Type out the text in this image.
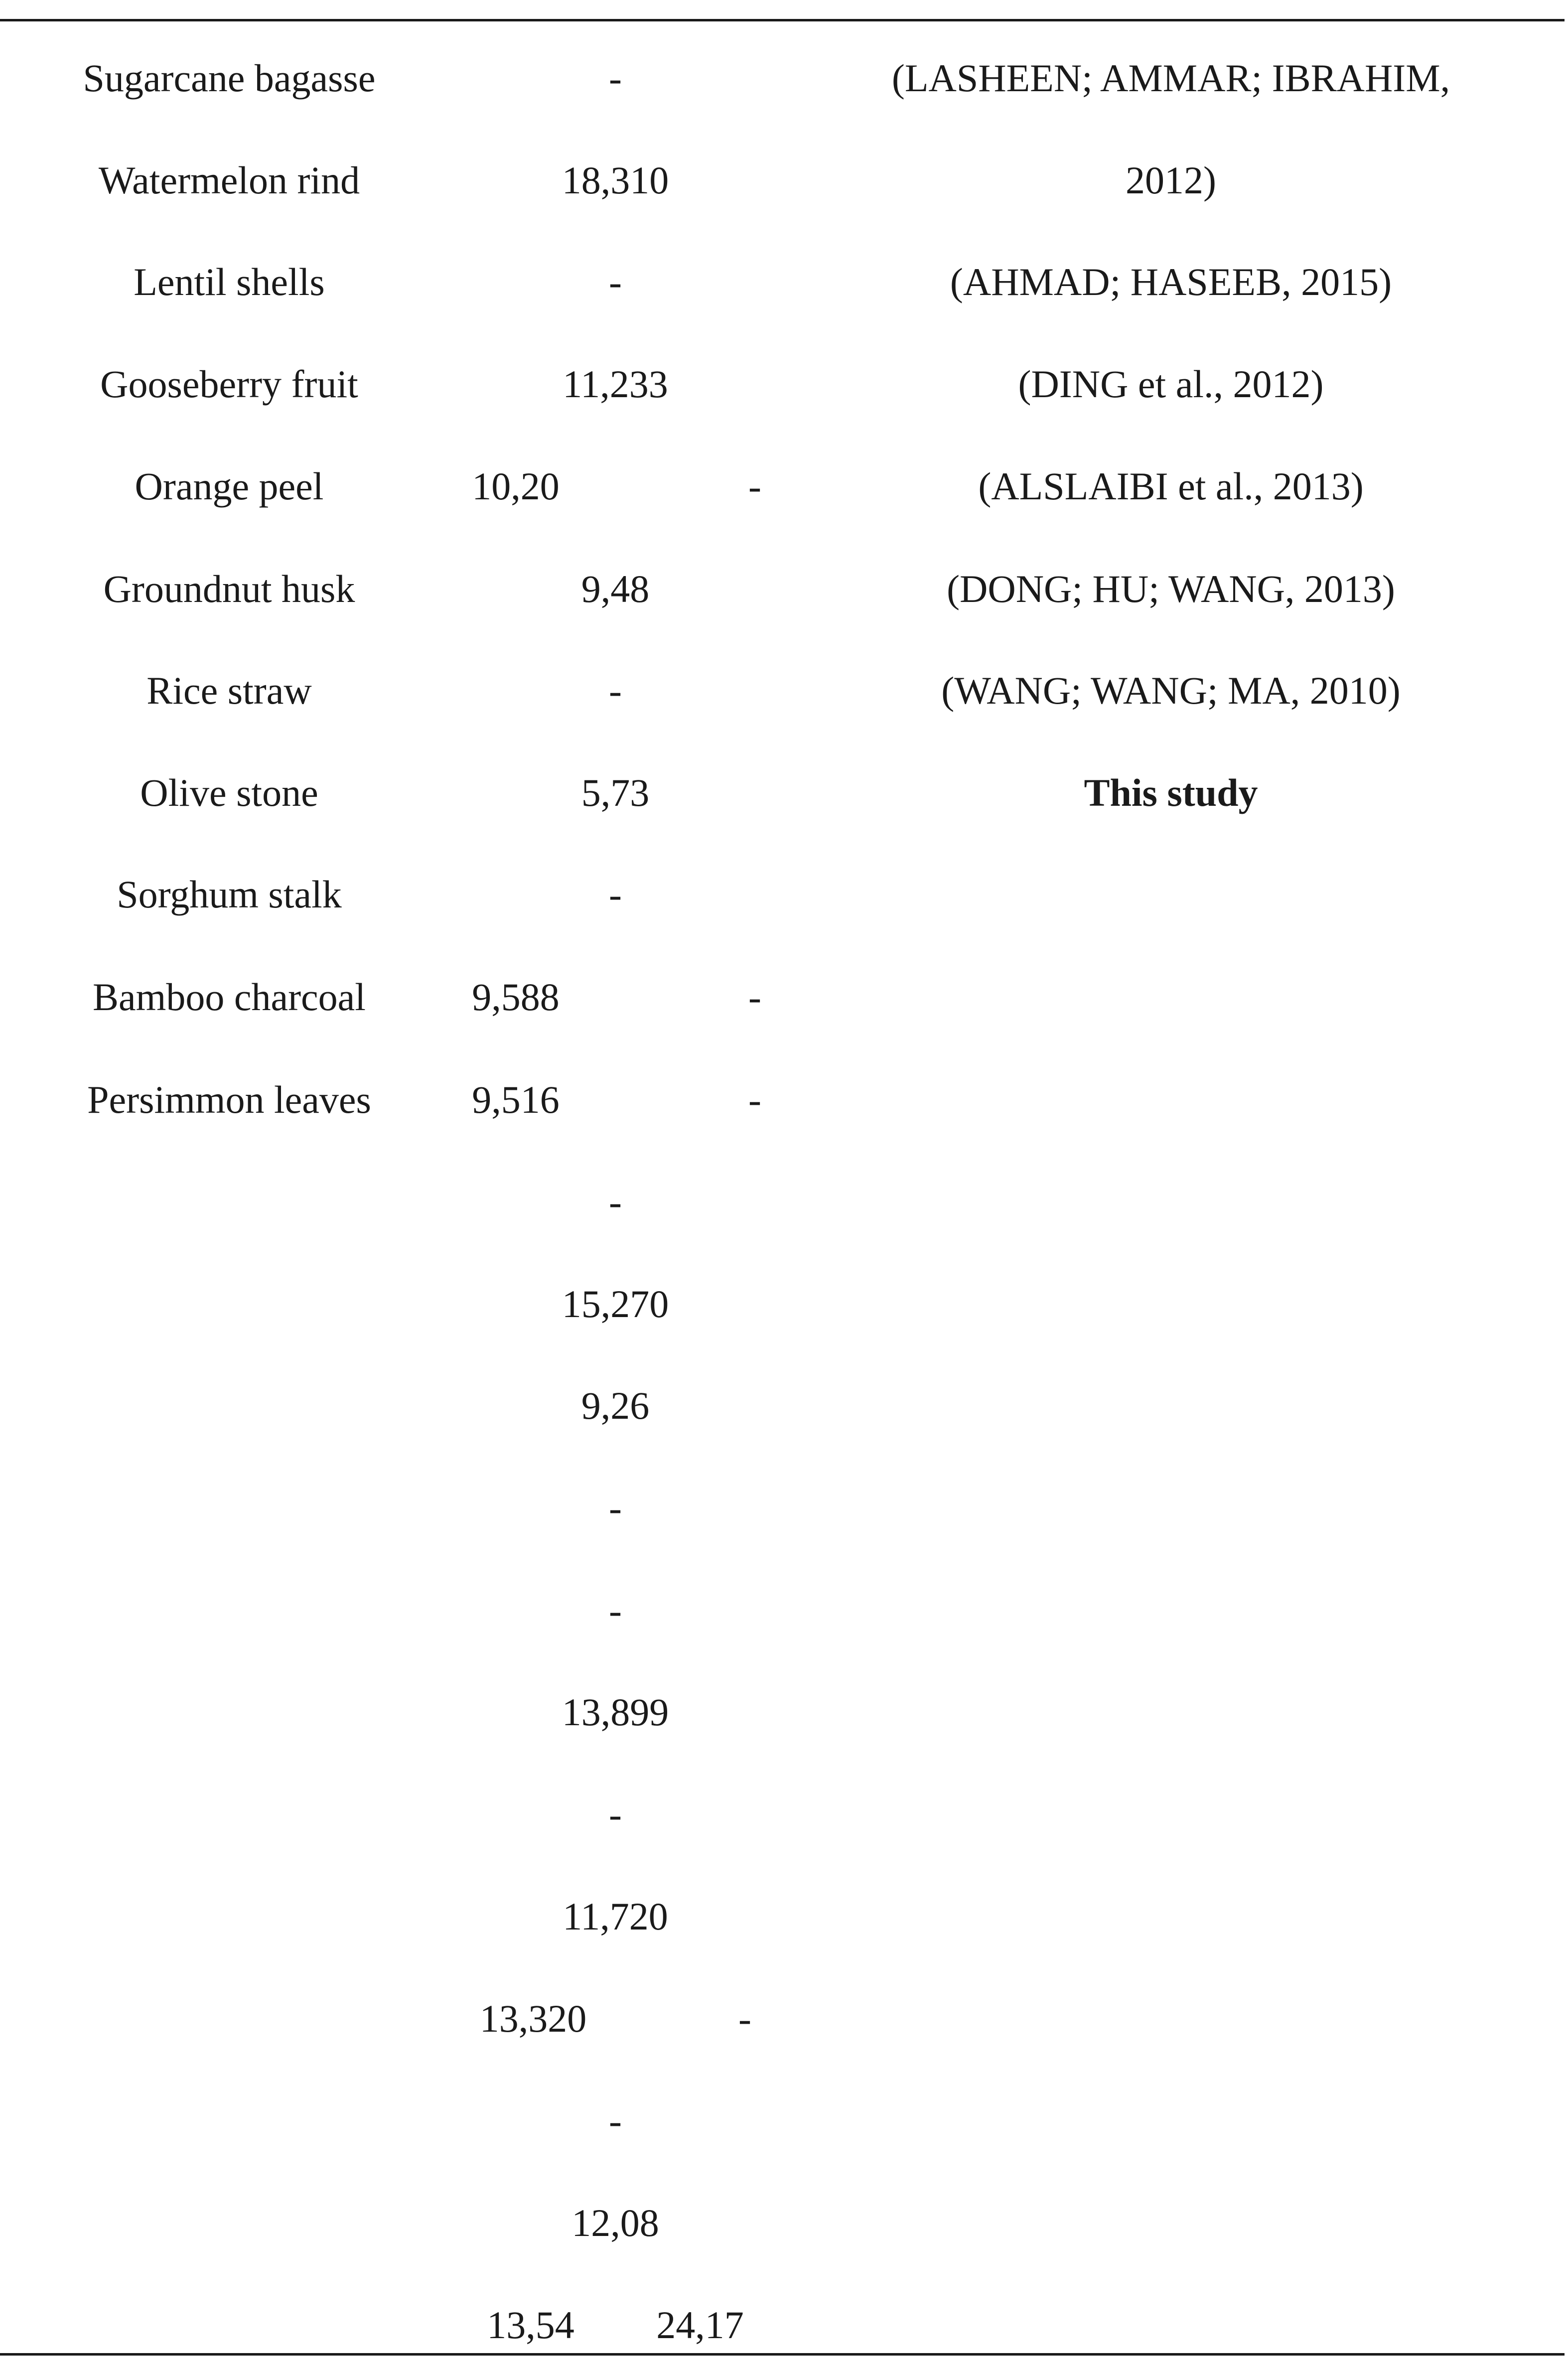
Sugarcane bagasse
Watermelon rind
Lentil shells
Gooseberry fruit
Orange peel
Groundnut husk
Rice straw
Olive stone
Sorghum stalk
Bamboo charcoal
Persimmon leaves
-
18,310
-
11,233
10,20
9,48
-
5,73
-
9,588
9,516
-
15,270
9,26
-
-
13,899
-
11,720
13,320
-
12,08
13,54
-
-
-
-
24,17
(LASHEEN; AMMAR; IBRAHIM,
2012)
(AHMAD; HASEEB, 2015)
(DING et al., 2012)
(ALSLAIBI et al., 2013)
(DONG; HU; WANG, 2013)
(WANG; WANG; MA, 2010)
This study
